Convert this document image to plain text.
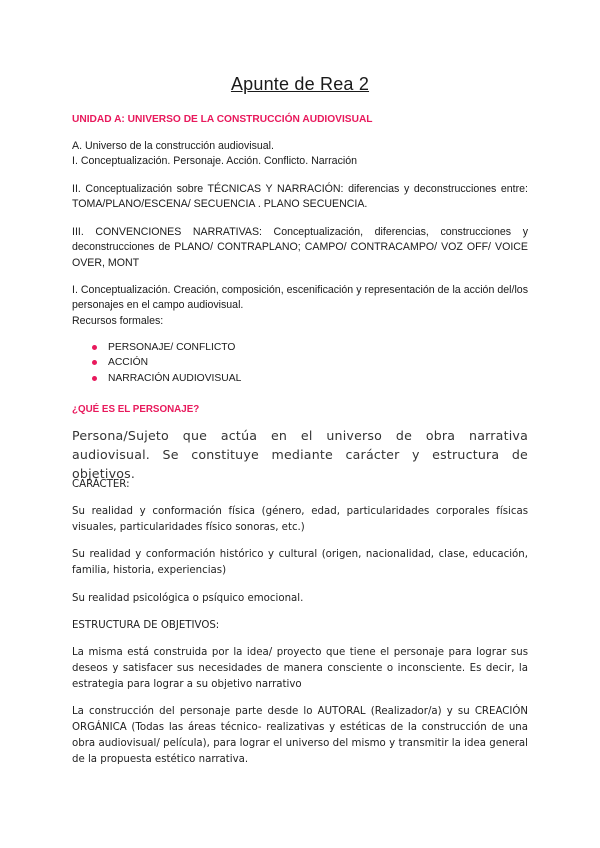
Apunte de Rea 2
UNIDAD A: UNIVERSO DE LA CONSTRUCCIÓN AUDIOVISUAL
A. Universo de la construcción audiovisual.
I. Conceptualización. Personaje. Acción. Conflicto. Narración
II. Conceptualización sobre TÉCNICAS Y NARRACIÓN: diferencias y deconstrucciones entre: TOMA/PLANO/ESCENA/ SECUENCIA . PLANO SECUENCIA.
III. CONVENCIONES NARRATIVAS: Conceptualización, diferencias, construcciones y deconstrucciones de PLANO/ CONTRAPLANO; CAMPO/ CONTRACAMPO/ VOZ OFF/ VOICE OVER, MONT
I. Conceptualización. Creación, composición, escenificación y representación de la acción del/los personajes en el campo audiovisual.
Recursos formales:
PERSONAJE/ CONFLICTO
ACCIÓN
NARRACIÓN AUDIOVISUAL
¿QUÉ ES EL PERSONAJE?
Persona/Sujeto que actúa en el universo de obra narrativa audiovisual. Se constituye mediante carácter y estructura de objetivos.
CARÁCTER:
Su realidad y conformación física (género, edad, particularidades corporales físicas visuales, particularidades físico sonoras, etc.)
Su realidad y conformación histórico y cultural (origen, nacionalidad, clase, educación, familia, historia, experiencias)
Su realidad psicológica o psíquico emocional.
ESTRUCTURA DE OBJETIVOS:
La misma está construida por la idea/ proyecto que tiene el personaje para lograr sus deseos y satisfacer sus necesidades de manera consciente o inconsciente. Es decir, la estrategia para lograr a su objetivo narrativo
La construcción del personaje parte desde lo AUTORAL (Realizador/a) y su CREACIÓN ORGÁNICA (Todas las áreas técnico- realizativas y estéticas de la construcción de una obra audiovisual/ película), para lograr el universo del mismo y transmitir la idea general de la propuesta estético narrativa.
